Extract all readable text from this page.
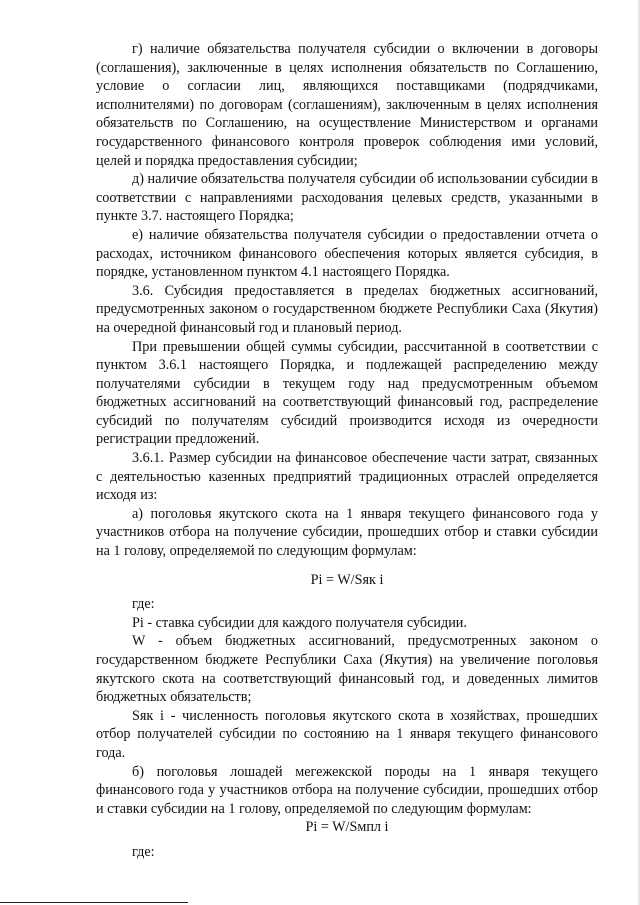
г) наличие обязательства получателя субсидии о включении в договоры (соглашения), заключенные в целях исполнения обязательств по Соглашению, условие о согласии лиц, являющихся поставщиками (подрядчиками, исполнителями) по договорам (соглашениям), заключенным в целях исполнения обязательств по Соглашению, на осуществление Министерством и органами государственного финансового контроля проверок соблюдения ими условий, целей и порядка предоставления субсидии;

д) наличие обязательства получателя субсидии об использовании субсидии в соответствии с направлениями расходования целевых средств, указанными в пункте 3.7. настоящего Порядка;

е) наличие обязательства получателя субсидии о предоставлении отчета о расходах, источником финансового обеспечения которых является субсидия, в порядке, установленном пунктом 4.1 настоящего Порядка.

3.6. Субсидия предоставляется в пределах бюджетных ассигнований, предусмотренных законом о государственном бюджете Республики Саха (Якутия) на очередной финансовый год и плановый период.

При превышении общей суммы субсидии, рассчитанной в соответствии с пунктом 3.6.1 настоящего Порядка, и подлежащей распределению между получателями субсидии в текущем году над предусмотренным объемом бюджетных ассигнований на соответствующий финансовый год, распределение субсидий по получателям субсидий производится исходя из очередности регистрации предложений.

3.6.1. Размер субсидии на финансовое обеспечение части затрат, связанных с деятельностью казенных предприятий традиционных отраслей определяется исходя из:

а) поголовья якутского скота на 1 января текущего финансового года у участников отбора на получение субсидии, прошедших отбор и ставки субсидии на 1 голову, определяемой по следующим формулам:

Pi = W/Sяк i

где:

Pi - ставка субсидии для каждого получателя субсидии.

W - объем бюджетных ассигнований, предусмотренных законом о государственном бюджете Республики Саха (Якутия) на увеличение поголовья якутского скота на соответствующий финансовый год, и доведенных лимитов бюджетных обязательств;

Sяк i - численность поголовья якутского скота в хозяйствах, прошедших отбор получателей субсидии по состоянию на 1 января текущего финансового года.

б) поголовья лошадей мегежекской породы на 1 января текущего финансового года у участников отбора на получение субсидии, прошедших отбор и ставки субсидии на 1 голову, определяемой по следующим формулам:

Pi = W/Sмпл i

где:
